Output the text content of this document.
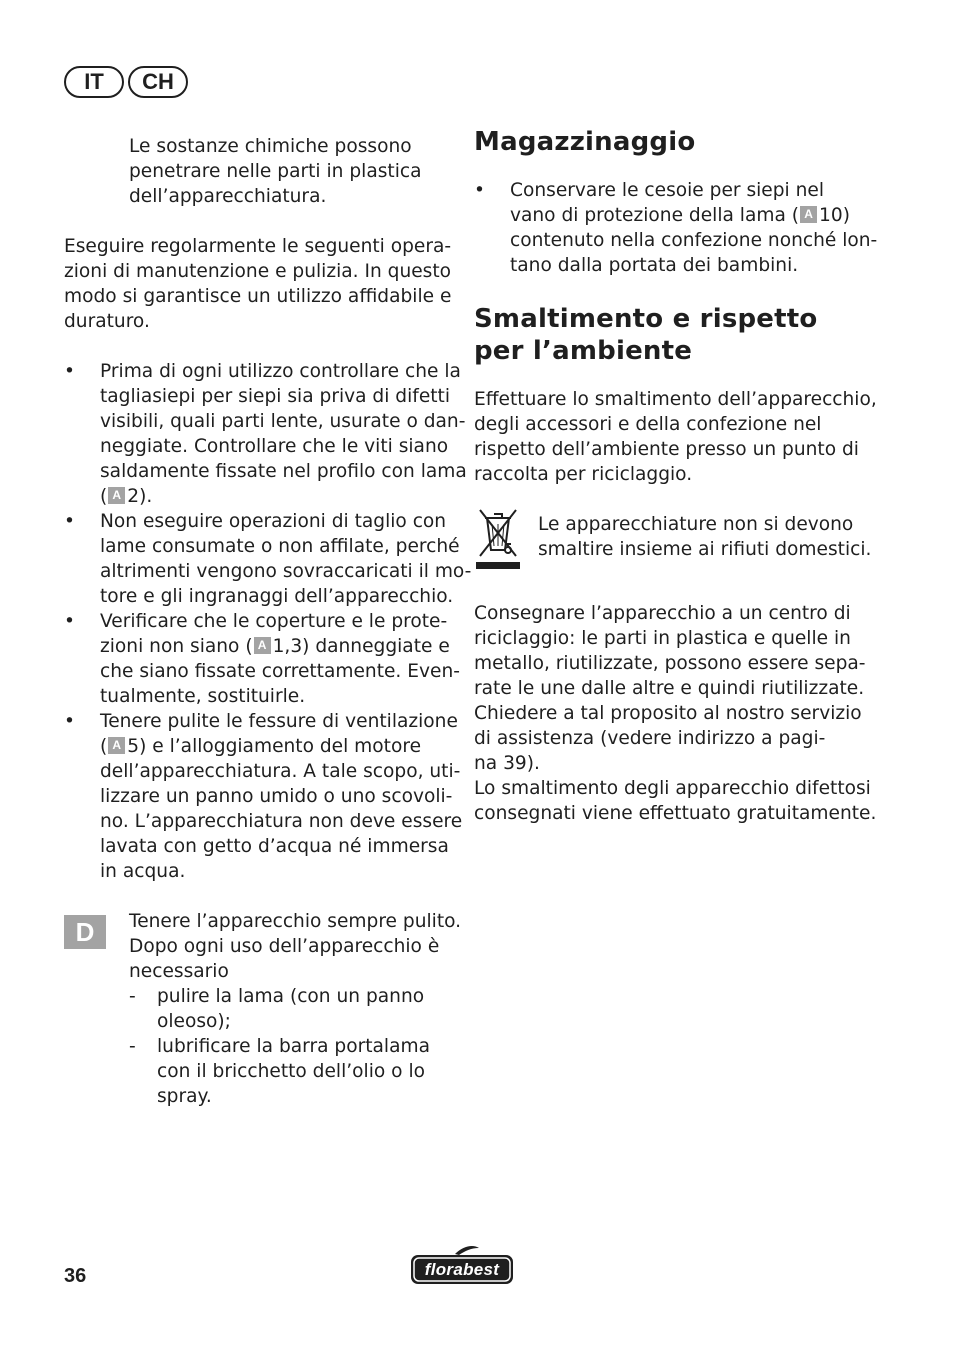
IT	CH

Le sostanze chimiche possono
penetrare nelle parti in plastica
dell’apparecchiatura.

Eseguire regolarmente le seguenti opera-
zioni di manutenzione e pulizia. In questo
modo si garantisce un utilizzo affidabile e
duraturo.

• Prima di ogni utilizzo controllare che la
tagliasiepi per siepi sia priva di difetti
visibili, quali parti lente, usurate o dan-
neggiate. Controllare che le viti siano
saldamente fissate nel profilo con lama
( A 2).
• Non eseguire operazioni di taglio con
lame consumate o non affilate, perché
altrimenti vengono sovraccaricati il mo-
tore e gli ingranaggi dell’apparecchio.
• Verificare che le coperture e le prote-
zioni non siano ( A 1,3) danneggiate e
che siano fissate correttamente. Even-
tualmente, sostituirle.
• Tenere pulite le fessure di ventilazione
( A 5) e l’alloggiamento del motore
dell’apparecchiatura. A tale scopo, uti-
lizzare un panno umido o uno scovoli-
no. L’apparecchiatura non deve essere
lavata con getto d’acqua né immersa
in acqua.
D	Tenere l’apparecchio sempre pulito.
Dopo ogni uso dell’apparecchio è
necessario
- pulire la lama (con un panno
oleoso);
- lubrificare la barra portalama
con il bricchetto dell’olio o lo
spray.
Magazzinaggio
• Conservare le cesoie per siepi nel
vano di protezione della lama ( A 10)
contenuto nella confezione nonché lon-
tano dalla portata dei bambini.
Smaltimento e rispetto
per l’ambiente

Effettuare lo smaltimento dell’apparecchio,
degli accessori e della confezione nel
rispetto dell’ambiente presso un punto di
raccolta per riciclaggio.

Le apparecchiature non si devono
smaltire insieme ai rifiuti domestici.

Consegnare l’apparecchio a un centro di
riciclaggio: le parti in plastica e quelle in
metallo, riutilizzate, possono essere sepa-
rate le une dalle altre e quindi riutilizzate.
Chiedere a tal proposito al nostro servizio
di assistenza (vedere indirizzo a pagi-
na 39).
Lo smaltimento degli apparecchio difettosi
consegnati viene effettuato gratuitamente.

36	florabest
